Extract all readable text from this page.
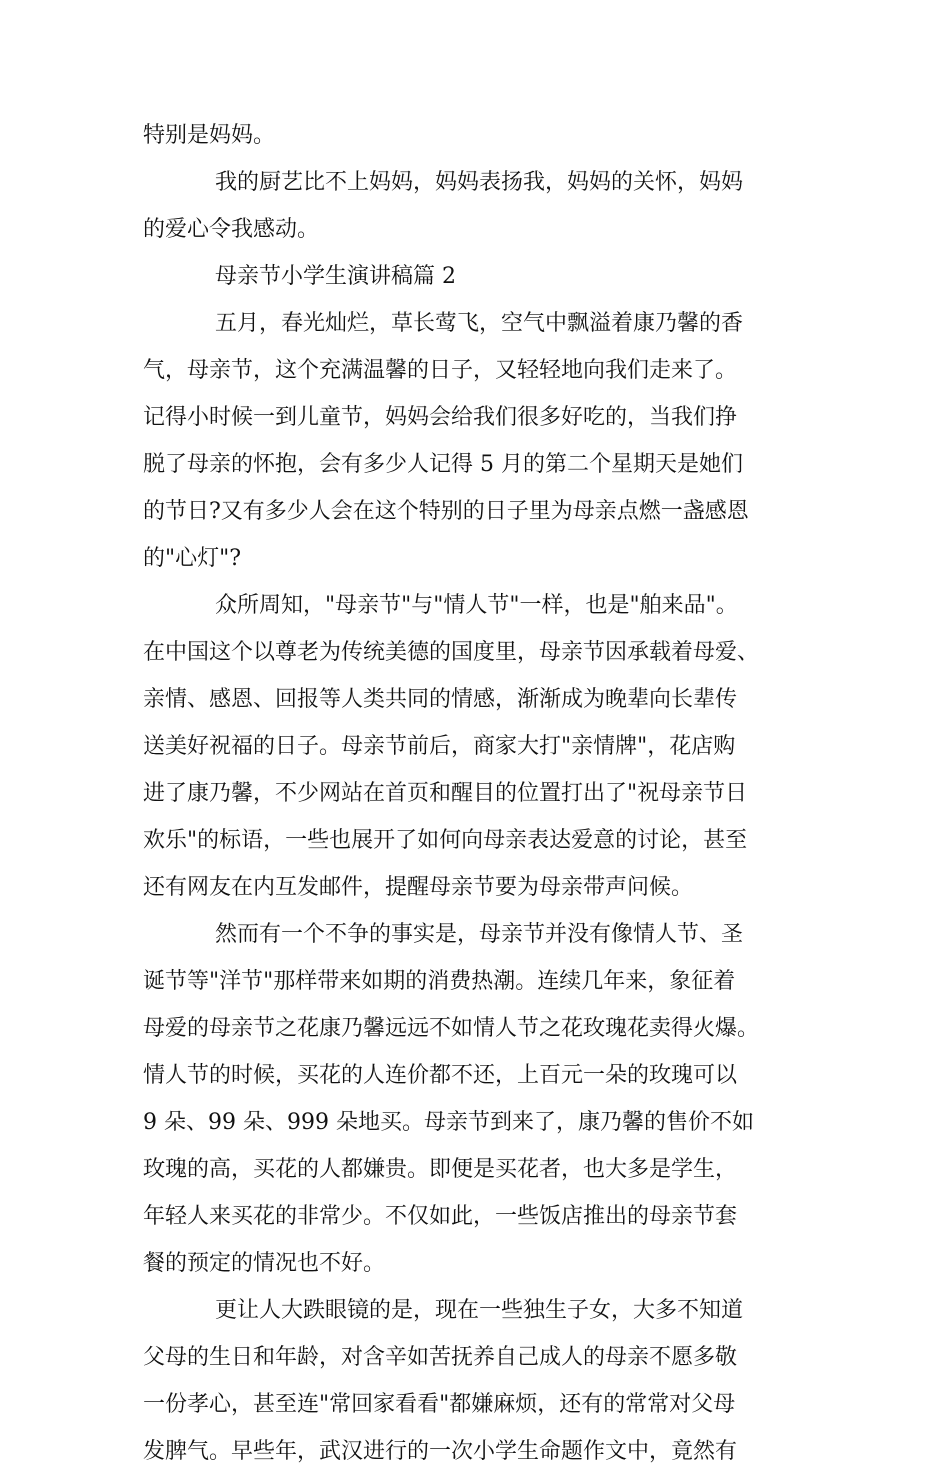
特别是妈妈。
我的厨艺比不上妈妈，妈妈表扬我，妈妈的关怀，妈妈
的爱心令我感动。
母亲节小学生演讲稿篇 2
五月，春光灿烂，草长莺飞，空气中飘溢着康乃馨的香
气，母亲节，这个充满温馨的日子，又轻轻地向我们走来了。
记得小时候一到儿童节，妈妈会给我们很多好吃的，当我们挣
脱了母亲的怀抱，会有多少人记得 5 月的第二个星期天是她们
的节日?又有多少人会在这个特别的日子里为母亲点燃一盏感恩
的"心灯"?
众所周知，"母亲节"与"情人节"一样，也是"舶来品"。
在中国这个以尊老为传统美德的国度里，母亲节因承载着母爱、
亲情、感恩、回报等人类共同的情感，渐渐成为晚辈向长辈传
送美好祝福的日子。母亲节前后，商家大打"亲情牌"，花店购
进了康乃馨，不少网站在首页和醒目的位置打出了"祝母亲节日
欢乐"的标语，一些也展开了如何向母亲表达爱意的讨论，甚至
还有网友在内互发邮件，提醒母亲节要为母亲带声问候。
然而有一个不争的事实是，母亲节并没有像情人节、圣
诞节等"洋节"那样带来如期的消费热潮。连续几年来，象征着
母爱的母亲节之花康乃馨远远不如情人节之花玫瑰花卖得火爆。
情人节的时候，买花的人连价都不还，上百元一朵的玫瑰可以
9 朵、99 朵、999 朵地买。母亲节到来了，康乃馨的售价不如
玫瑰的高，买花的人都嫌贵。即便是买花者，也大多是学生，
年轻人来买花的非常少。不仅如此，一些饭店推出的母亲节套
餐的预定的情况也不好。
更让人大跌眼镜的是，现在一些独生子女，大多不知道
父母的生日和年龄，对含辛如苦抚养自己成人的母亲不愿多敬
一份孝心，甚至连"常回家看看"都嫌麻烦，还有的常常对父母
发脾气。早些年，武汉进行的一次小学生命题作文中，竟然有
